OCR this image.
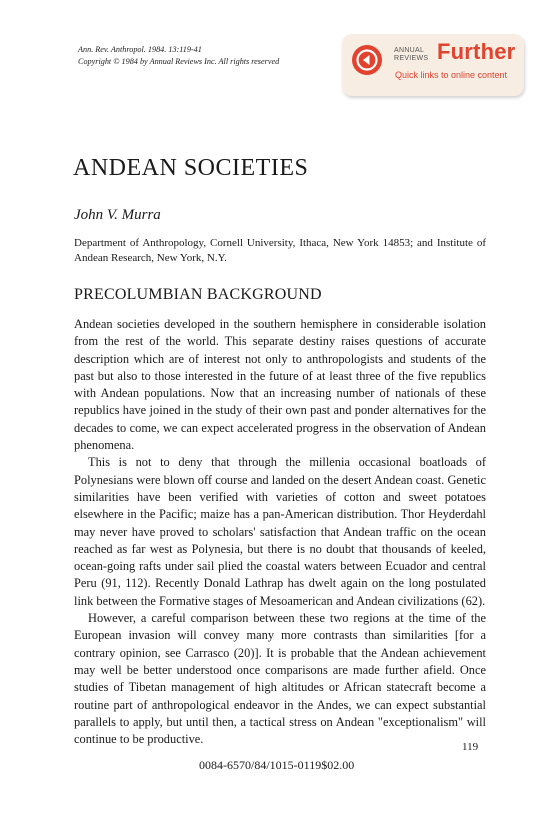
Ann. Rev. Anthropol. 1984. 13:119-41
Copyright © 1984 by Annual Reviews Inc. All rights reserved
ANNUAL
REVIEWS Further
Quick links to online content
ANDEAN SOCIETIES
John V. Murra
Department of Anthropology, Cornell University, Ithaca, New York 14853; and Institute of Andean Research, New York, N.Y.
PRECOLUMBIAN BACKGROUND

Andean societies developed in the southern hemisphere in considerable isolation from the rest of the world. This separate destiny raises questions of accurate description which are of interest not only to anthropologists and students of the past but also to those interested in the future of at least three of the five republics with Andean populations. Now that an increasing number of nationals of these republics have joined in the study of their own past and ponder alternatives for the decades to come, we can expect accelerated progress in the observation of Andean phenomena.

This is not to deny that through the millenia occasional boatloads of Polynesians were blown off course and landed on the desert Andean coast. Genetic similarities have been verified with varieties of cotton and sweet potatoes elsewhere in the Pacific; maize has a pan-American distribution. Thor Heyderdahl may never have proved to scholars' satisfaction that Andean traffic on the ocean reached as far west as Polynesia, but there is no doubt that thousands of keeled, ocean-going rafts under sail plied the coastal waters between Ecuador and central Peru (91, 112). Recently Donald Lathrap has dwelt again on the long postulated link between the Formative stages of Mesoamerican and Andean civilizations (62).

However, a careful comparison between these two regions at the time of the European invasion will convey many more contrasts than similarities [for a contrary opinion, see Carrasco (20)]. It is probable that the Andean achievement may well be better understood once comparisons are made further afield. Once studies of Tibetan management of high altitudes or African statecraft become a routine part of anthropological endeavor in the Andes, we can expect substantial parallels to apply, but until then, a tactical stress on Andean "exceptionalism" will continue to be productive.

119
0084-6570/84/1015-0119$02.00
